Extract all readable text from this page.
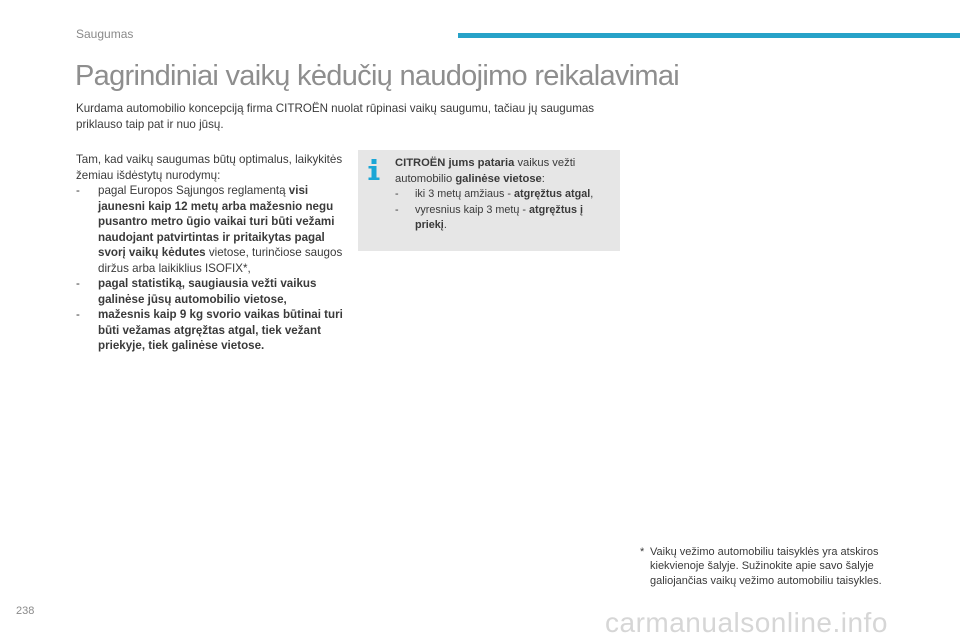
Saugumas
Pagrindiniai vaikų kėdučių naudojimo reikalavimai

Kurdama automobilio koncepciją firma CITROËN nuolat rūpinasi vaikų saugumu, tačiau jų saugumas priklauso taip pat ir nuo jūsų.

Tam, kad vaikų saugumas būtų optimalus, laikykitės žemiau išdėstytų nurodymų:

-	pagal Europos Sąjungos reglamentą visi jaunesni kaip 12 metų arba mažesnio negu pusantro metro ūgio vaikai turi būti vežami naudojant patvirtintas ir pritaikytas pagal svorį vaikų kėdutes vietose, turinčiose saugos diržus arba laikiklius ISOFIX*,
-	pagal statistiką, saugiausia vežti vaikus galinėse jūsų automobilio vietose,
-	mažesnis kaip 9 kg svorio vaikas būtinai turi būti vežamas atgręžtas atgal, tiek vežant priekyje, tiek galinėse vietose.

CITROËN jums pataria vaikus vežti automobilio galinėse vietose:

-	iki 3 metų amžiaus - atgręžtus atgal,
-	vyresnius kaip 3 metų - atgręžtus į priekį.
* Vaikų vežimo automobiliu taisyklės yra atskiros kiekvienoje šalyje. Sužinokite apie savo šalyje galiojančias vaikų vežimo automobiliu taisykles.
238	carmanualsonline.info
